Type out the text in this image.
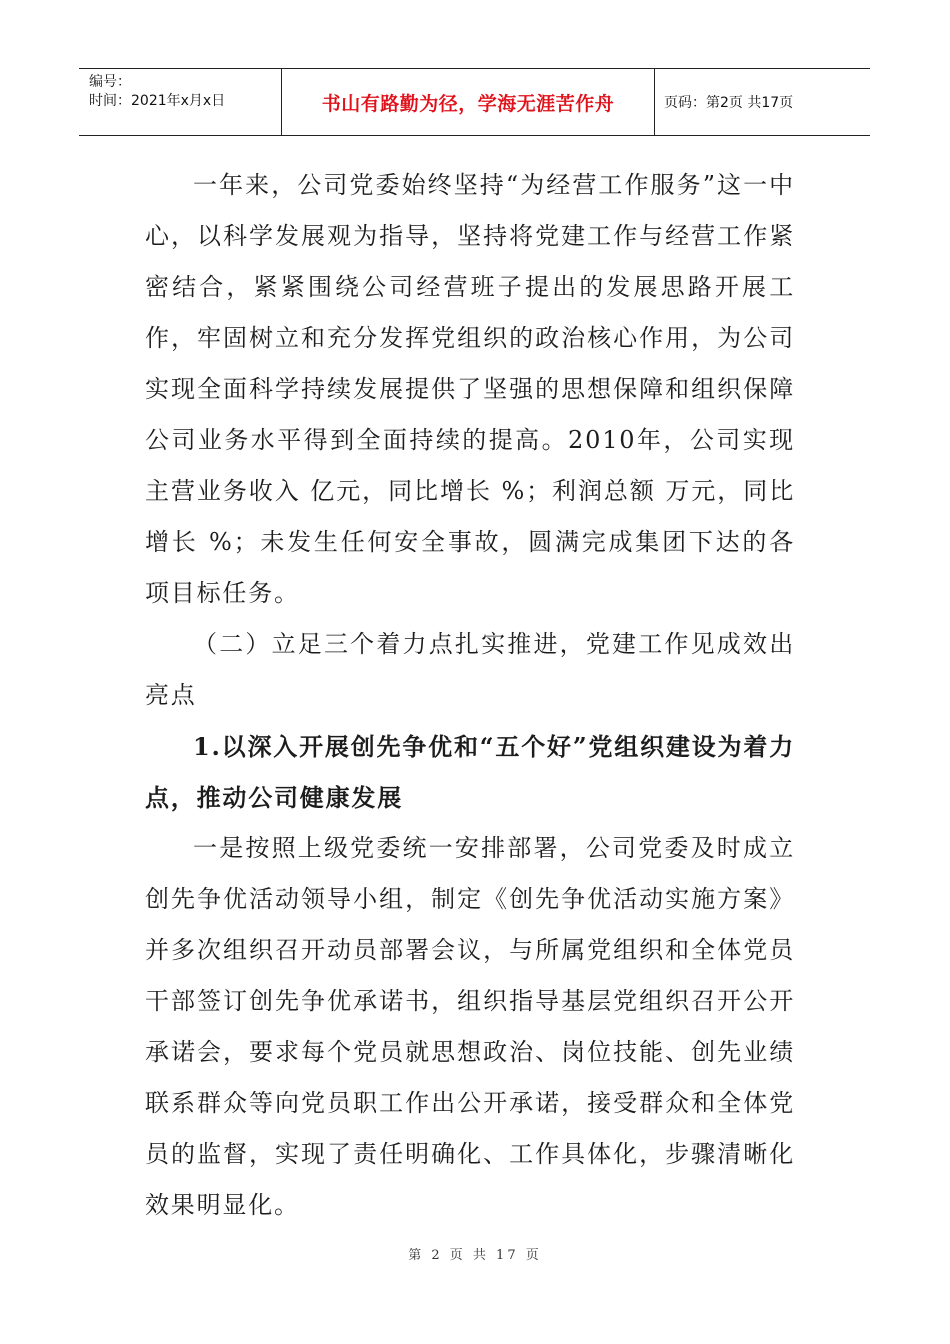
编号：
时间：2021年x月x日	书山有路勤为径，学海无涯苦作舟	页码：第2页 共17页

一年来，公司党委始终坚持“为经营工作服务”这一中心，以科学发展观为指导，坚持将党建工作与经营工作紧密结合，紧紧围绕公司经营班子提出的发展思路开展工作，牢固树立和充分发挥党组织的政治核心作用，为公司实现全面科学持续发展提供了坚强的思想保障和组织保障公司业务水平得到全面持续的提高。2010年，公司实现主营业务收入 亿元，同比增长 %；利润总额 万元，同比增长 %；未发生任何安全事故，圆满完成集团下达的各项目标任务。

（二）立足三个着力点扎实推进，党建工作见成效出亮点

1.以深入开展创先争优和“五个好”党组织建设为着力点，推动公司健康发展

一是按照上级党委统一安排部署，公司党委及时成立创先争优活动领导小组，制定《创先争优活动实施方案》并多次组织召开动员部署会议，与所属党组织和全体党员干部签订创先争优承诺书，组织指导基层党组织召开公开承诺会，要求每个党员就思想政治、岗位技能、创先业绩联系群众等向党员职工作出公开承诺，接受群众和全体党员的监督，实现了责任明确化、工作具体化，步骤清晰化效果明显化。

第 2 页 共 17 页
